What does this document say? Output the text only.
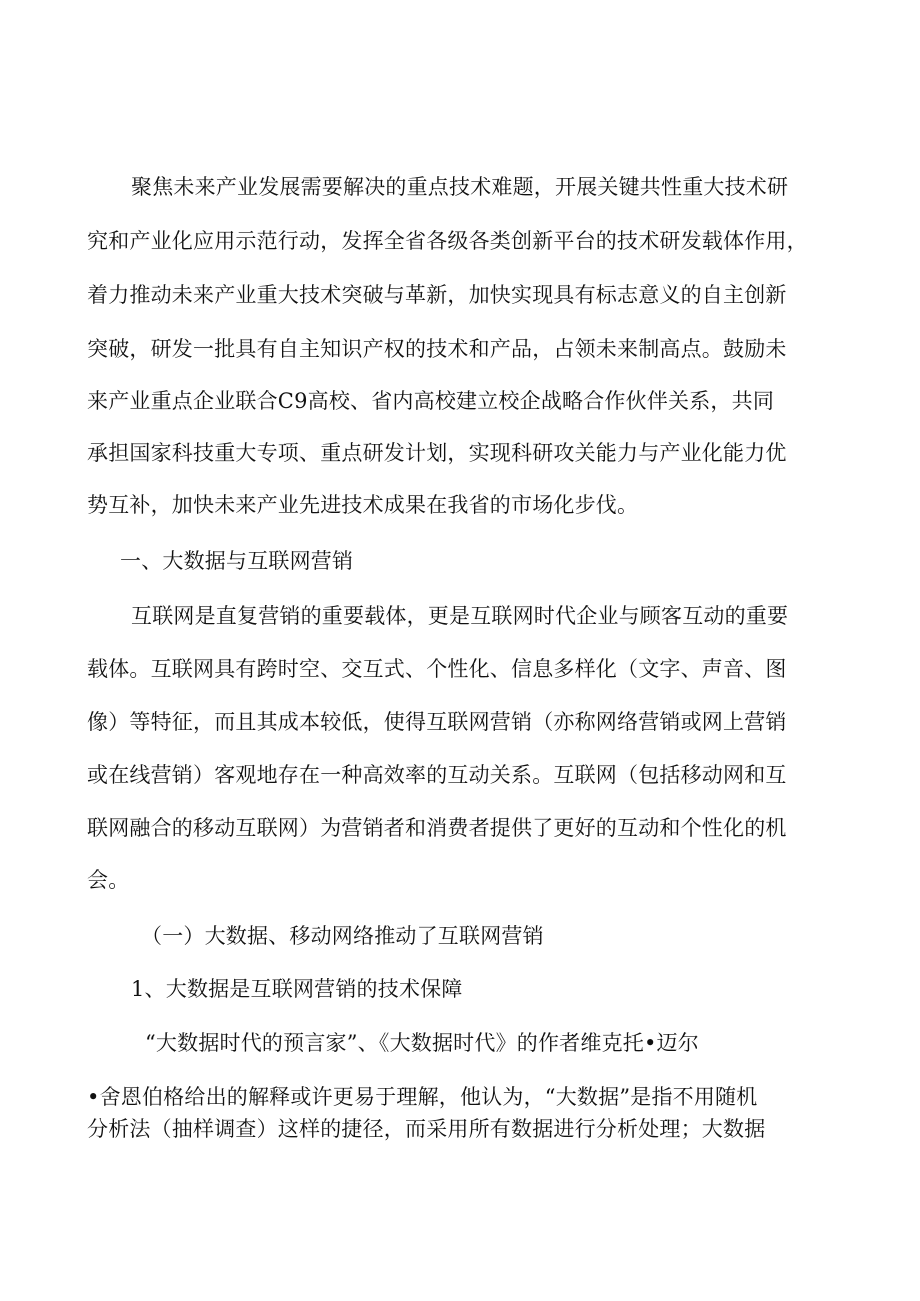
聚焦未来产业发展需要解决的重点技术难题，开展关键共性重大技术研
究和产业化应用示范行动，发挥全省各级各类创新平台的技术研发载体作用，
着力推动未来产业重大技术突破与革新，加快实现具有标志意义的自主创新
突破，研发一批具有自主知识产权的技术和产品，占领未来制高点。鼓励未
来产业重点企业联合C9高校、省内高校建立校企战略合作伙伴关系，共同
承担国家科技重大专项、重点研发计划，实现科研攻关能力与产业化能力优
势互补，加快未来产业先进技术成果在我省的市场化步伐。
一、大数据与互联网营销
互联网是直复营销的重要载体，更是互联网时代企业与顾客互动的重要
载体。互联网具有跨时空、交互式、个性化、信息多样化（文字、声音、图
像）等特征，而且其成本较低，使得互联网营销（亦称网络营销或网上营销
或在线营销）客观地存在一种高效率的互动关系。互联网（包括移动网和互
联网融合的移动互联网）为营销者和消费者提供了更好的互动和个性化的机
会。
（一）大数据、移动网络推动了互联网营销
1、大数据是互联网营销的技术保障
“大数据时代的预言家”、《大数据时代》的作者维克托•迈尔
•舍恩伯格给出的解释或许更易于理解，他认为，“大数据”是指不用随机
分析法（抽样调查）这样的捷径，而采用所有数据进行分析处理；大数据
